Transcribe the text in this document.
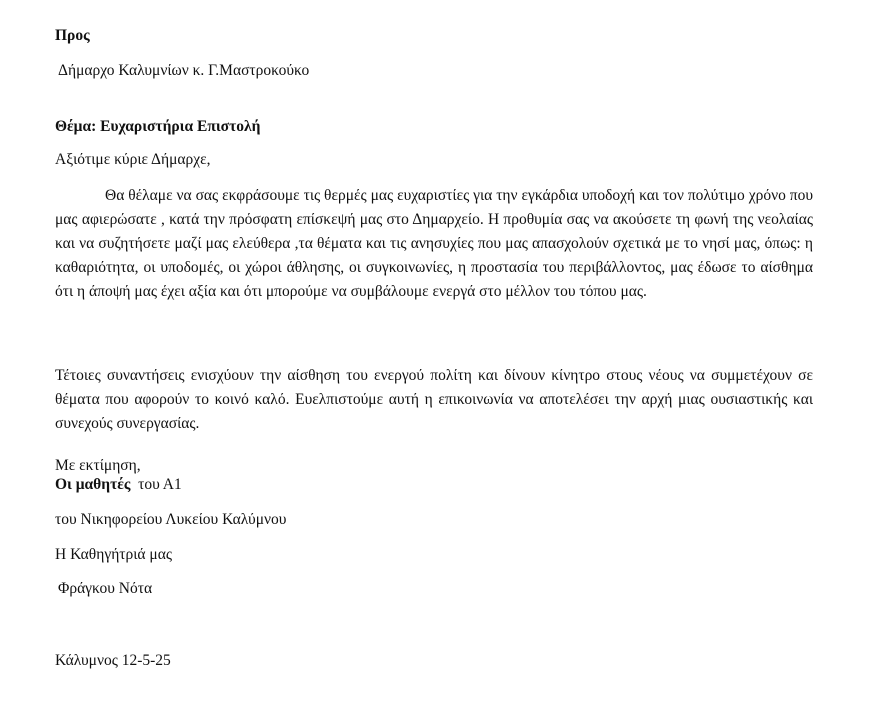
Προς

Δήμαρχο Καλυμνίων κ. Γ.Μαστροκούκο

Θέμα: Ευχαριστήρια Επιστολή

Αξιότιμε κύριε Δήμαρχε,

Θα θέλαμε να σας εκφράσουμε τις θερμές μας ευχαριστίες για την εγκάρδια υποδοχή και τον πολύτιμο χρόνο που μας αφιερώσατε , κατά την πρόσφατη επίσκεψή μας στο Δημαρχείο. Η προθυμία σας να ακούσετε τη φωνή της νεολαίας και να συζητήσετε μαζί μας ελεύθερα ,τα θέματα και τις ανησυχίες που μας απασχολούν σχετικά με το νησί μας, όπως: η καθαριότητα, οι υποδομές, οι χώροι άθλησης, οι συγκοινωνίες, η προστασία του περιβάλλοντος, μας έδωσε το αίσθημα ότι η άποψή μας έχει αξία και ότι μπορούμε να συμβάλουμε ενεργά στο μέλλον του τόπου μας.

Τέτοιες συναντήσεις ενισχύουν την αίσθηση του ενεργού πολίτη και δίνουν κίνητρο στους νέους να συμμετέχουν σε θέματα που αφορούν το κοινό καλό. Ευελπιστούμε αυτή η επικοινωνία να αποτελέσει την αρχή μιας ουσιαστικής και συνεχούς συνεργασίας.

Με εκτίμηση,

Οι μαθητές  του Α1

του Νικηφορείου Λυκείου Καλύμνου

Η Καθηγήτριά μας

Φράγκου Νότα

Κάλυμνος 12-5-25
